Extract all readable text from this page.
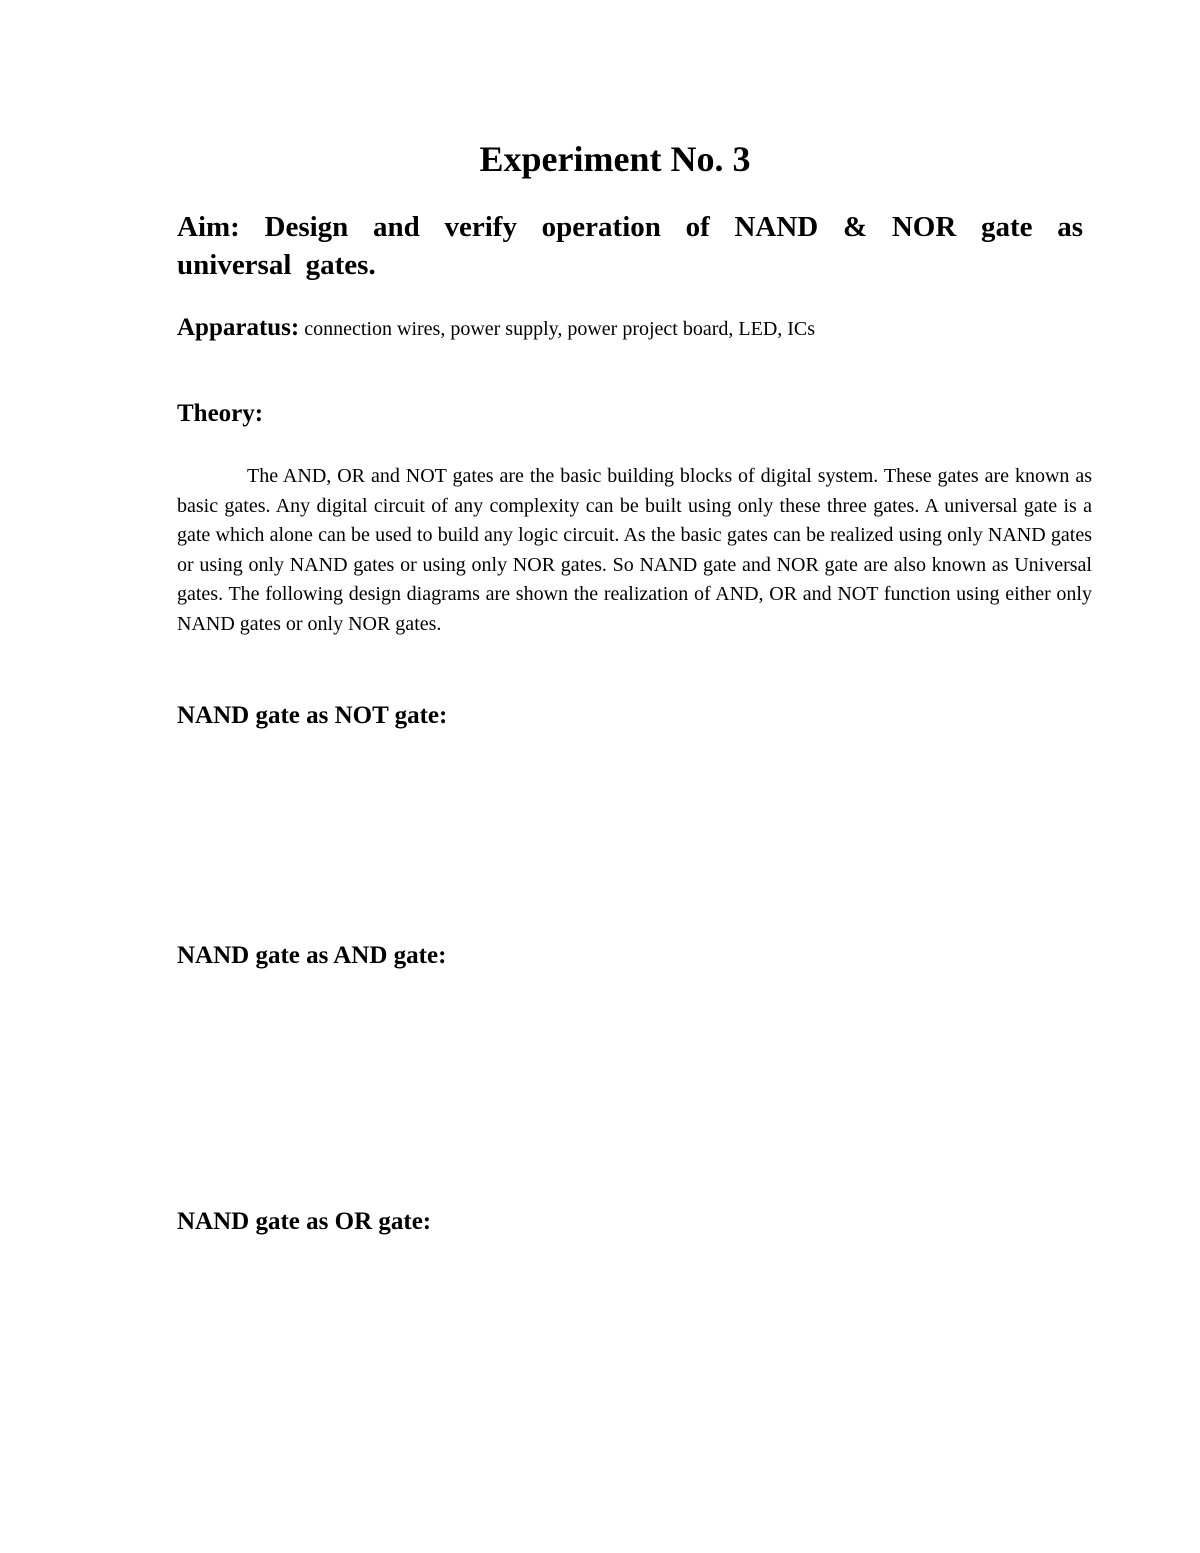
Experiment No. 3

Aim: Design and verify operation of NAND & NOR gate as universal gates.

Apparatus: connection wires, power supply, power project board, LED, ICs

Theory:

The AND, OR and NOT gates are the basic building blocks of digital system. These gates are known as basic gates. Any digital circuit of any complexity can be built using only these three gates. A universal gate is a gate which alone can be used to build any logic circuit. As the basic gates can be realized using only NAND gates or using only NAND gates or using only NOR gates. So NAND gate and NOR gate are also known as Universal gates. The following design diagrams are shown the realization of AND, OR and NOT function using either only NAND gates or only NOR gates.

NAND gate as NOT gate:
NAND gate as AND gate:
NAND gate as OR gate:
